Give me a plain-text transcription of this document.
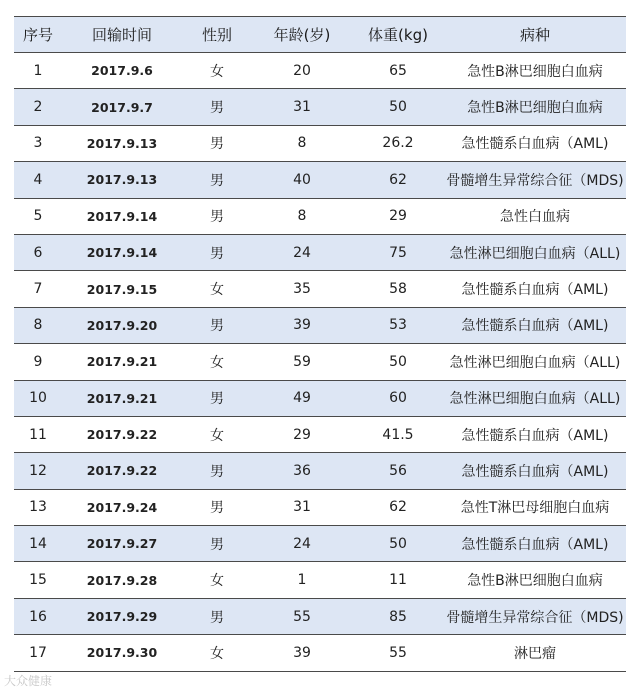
序号	回输时间	性别	年龄(岁)	体重(kg)	病种
1	2017.9.6	女	20	65	急性B淋巴细胞白血病
2	2017.9.7	男	31	50	急性B淋巴细胞白血病
3	2017.9.13	男	8	26.2	急性髓系白血病（AML)
4	2017.9.13	男	40	62	骨髓增生异常综合征（MDS)
5	2017.9.14	男	8	29	急性白血病
6	2017.9.14	男	24	75	急性淋巴细胞白血病（ALL)
7	2017.9.15	女	35	58	急性髓系白血病（AML)
8	2017.9.20	男	39	53	急性髓系白血病（AML)
9	2017.9.21	女	59	50	急性淋巴细胞白血病（ALL)
10	2017.9.21	男	49	60	急性淋巴细胞白血病（ALL)
11	2017.9.22	女	29	41.5	急性髓系白血病（AML)
12	2017.9.22	男	36	56	急性髓系白血病（AML)
13	2017.9.24	男	31	62	急性T淋巴母细胞白血病
14	2017.9.27	男	24	50	急性髓系白血病（AML)
15	2017.9.28	女	1	11	急性B淋巴细胞白血病
16	2017.9.29	男	55	85	骨髓增生异常综合征（MDS)
17	2017.9.30	女	39	55	淋巴瘤
大众健康
